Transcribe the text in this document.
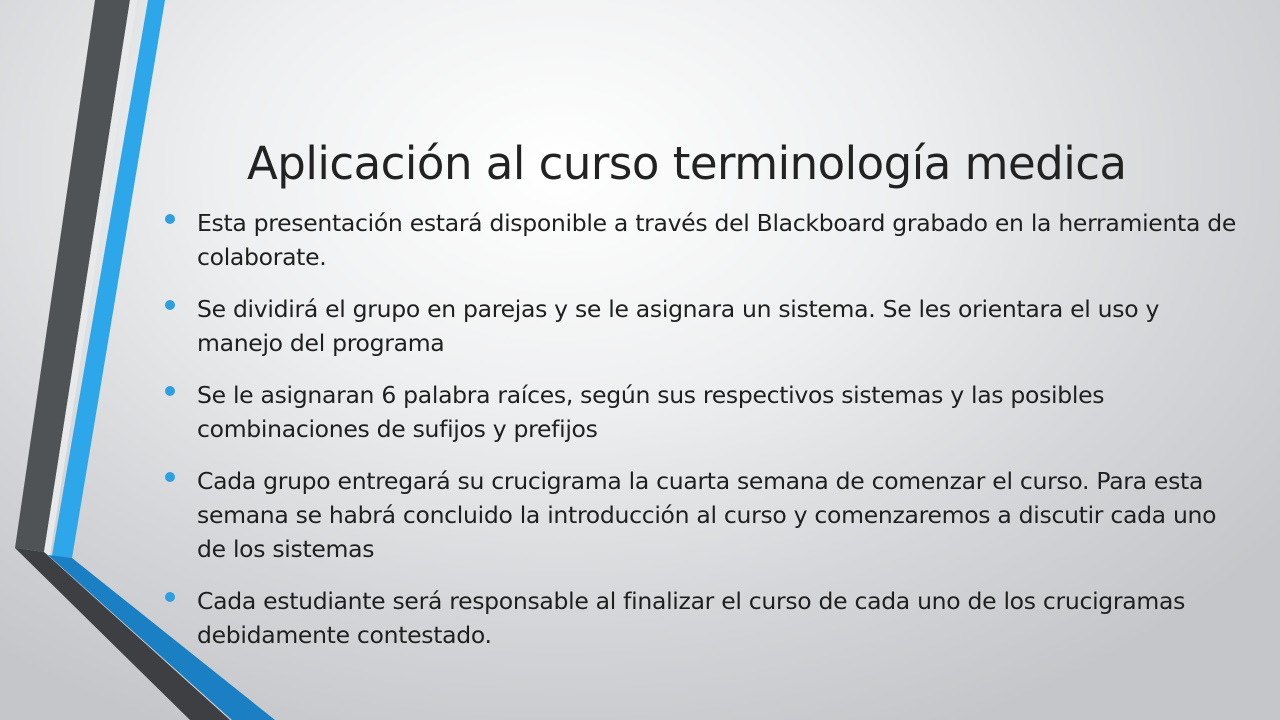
Aplicación al curso terminología medica
Esta presentación estará disponible a través del Blackboard grabado en la herramienta de colaborate.
Se dividirá el grupo en parejas y se le asignara un sistema. Se les orientara el uso y manejo del programa
Se le asignaran 6 palabra raíces, según sus respectivos sistemas y las posibles combinaciones de sufijos y prefijos
Cada grupo entregará su crucigrama la cuarta semana de comenzar el curso. Para esta semana se habrá concluido la introducción al curso y comenzaremos a discutir cada uno de los sistemas
Cada estudiante será responsable al finalizar el curso de cada uno de los crucigramas debidamente contestado.
